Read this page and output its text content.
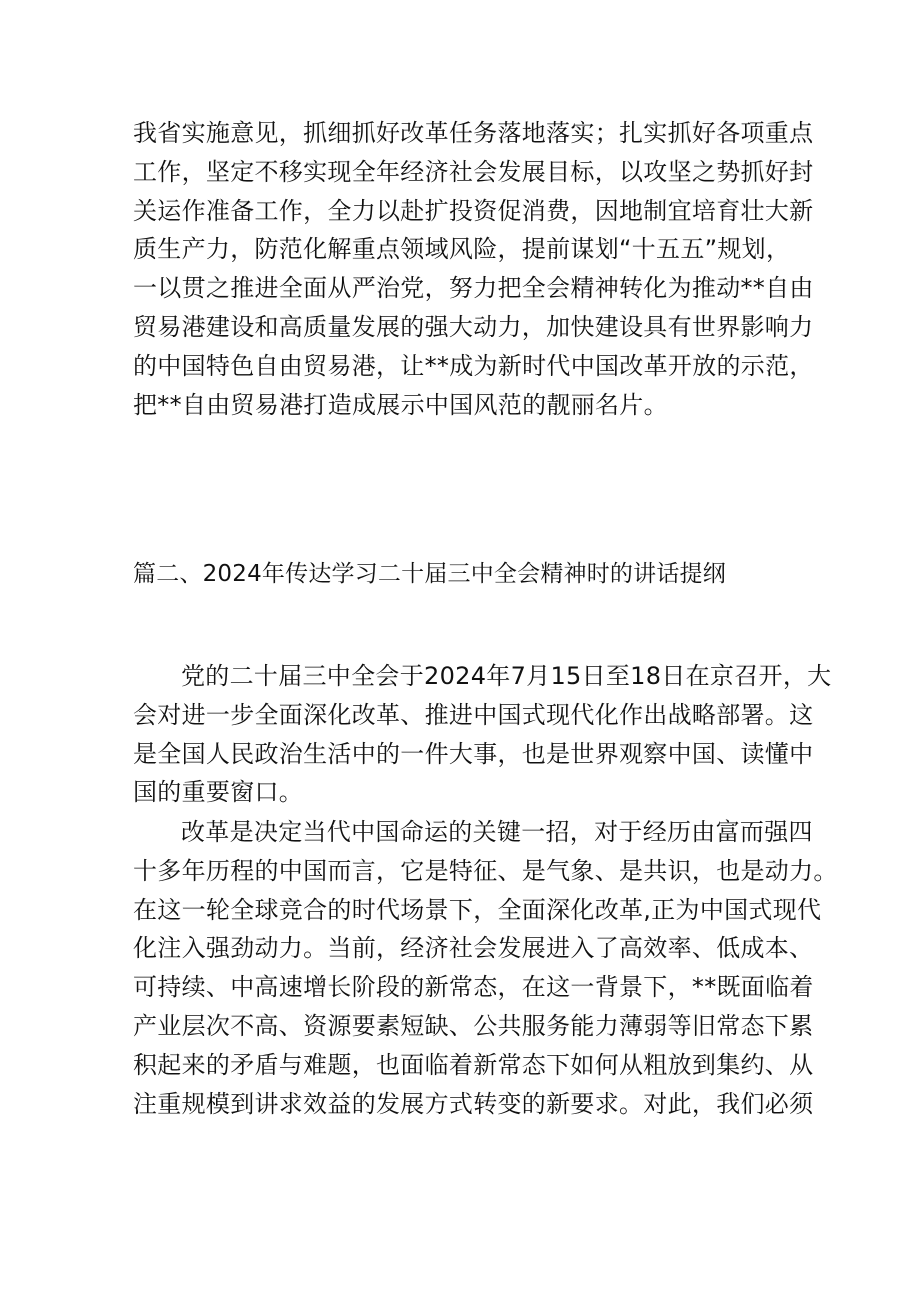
我省实施意见，抓细抓好改革任务落地落实；扎实抓好各项重点
工作，坚定不移实现全年经济社会发展目标，以攻坚之势抓好封
关运作准备工作，全力以赴扩投资促消费，因地制宜培育壮大新
质生产力，防范化解重点领域风险，提前谋划“十五五”规划，
一以贯之推进全面从严治党，努力把全会精神转化为推动**自由
贸易港建设和高质量发展的强大动力，加快建设具有世界影响力
的中国特色自由贸易港，让**成为新时代中国改革开放的示范，
把**自由贸易港打造成展示中国风范的靓丽名片。
篇二、2024年传达学习二十届三中全会精神时的讲话提纲
党的二十届三中全会于2024年7月15日至18日在京召开，大
会对进一步全面深化改革、推进中国式现代化作出战略部署。这
是全国人民政治生活中的一件大事，也是世界观察中国、读懂中
国的重要窗口。
改革是决定当代中国命运的关键一招，对于经历由富而强四
十多年历程的中国而言，它是特征、是气象、是共识，也是动力。
在这一轮全球竞合的时代场景下，全面深化改革,正为中国式现代
化注入强劲动力。当前，经济社会发展进入了高效率、低成本、
可持续、中高速增长阶段的新常态，在这一背景下，**既面临着
产业层次不高、资源要素短缺、公共服务能力薄弱等旧常态下累
积起来的矛盾与难题，也面临着新常态下如何从粗放到集约、从
注重规模到讲求效益的发展方式转变的新要求。对此，我们必须
